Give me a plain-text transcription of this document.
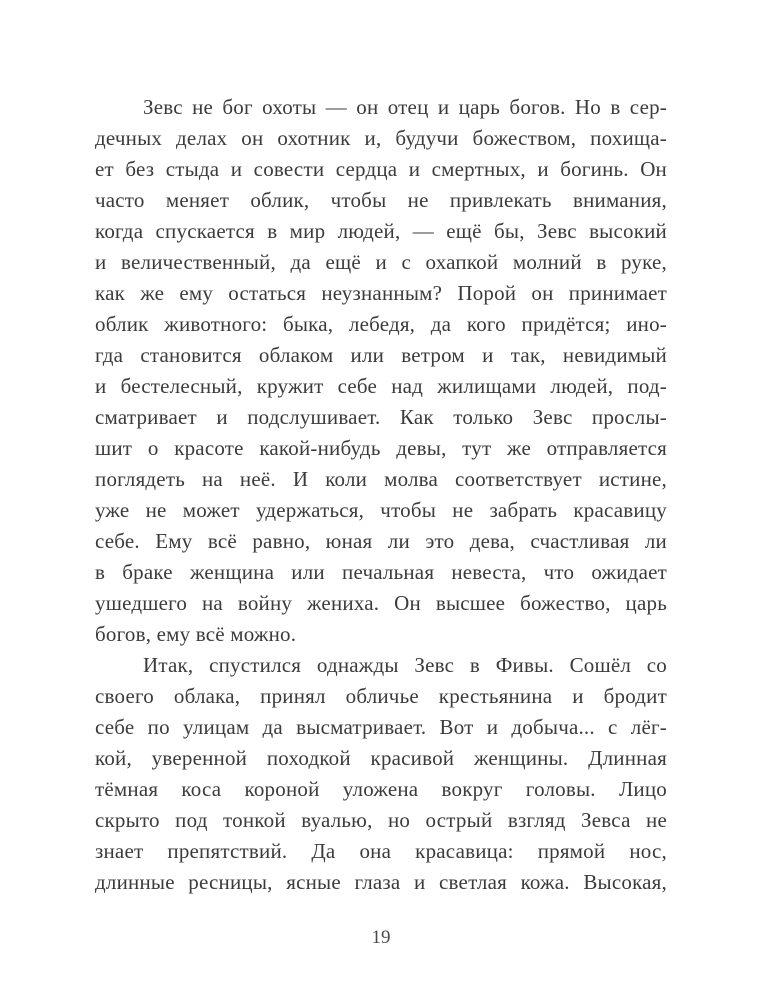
Зевс не бог охоты — он отец и царь богов. Но в сер-
дечных делах он охотник и, будучи божеством, похища-
ет без стыда и совести сердца и смертных, и богинь. Он
часто меняет облик, чтобы не привлекать внимания,
когда спускается в мир людей, — ещё бы, Зевс высокий
и величественный, да ещё и с охапкой молний в руке,
как же ему остаться неузнанным? Порой он принимает
облик животного: быка, лебедя, да кого придётся; ино-
гда становится облаком или ветром и так, невидимый
и бестелесный, кружит себе над жилищами людей, под-
сматривает и подслушивает. Как только Зевс прослы-
шит о красоте какой-нибудь девы, тут же отправляется
поглядеть на неё. И коли молва соответствует истине,
уже не может удержаться, чтобы не забрать красавицу
себе. Ему всё равно, юная ли это дева, счастливая ли
в браке женщина или печальная невеста, что ожидает
ушедшего на войну жениха. Он высшее божество, царь
богов, ему всё можно.
Итак, спустился однажды Зевс в Фивы. Сошёл со
своего облака, принял обличье крестьянина и бродит
себе по улицам да высматривает. Вот и добыча... с лёг-
кой, уверенной походкой красивой женщины. Длинная
тёмная коса короной уложена вокруг головы. Лицо
скрыто под тонкой вуалью, но острый взгляд Зевса не
знает препятствий. Да она красавица: прямой нос,
длинные ресницы, ясные глаза и светлая кожа. Высокая,
19
